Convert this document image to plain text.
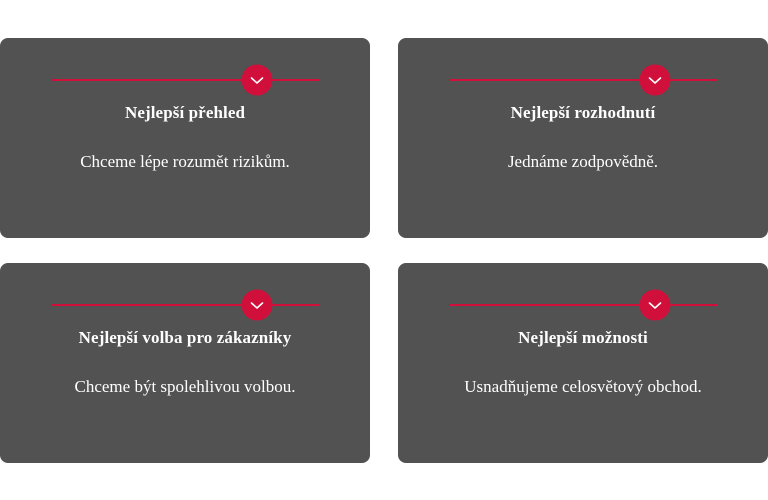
Nejlepší přehled
Chceme lépe rozumět rizikům.
Nejlepší rozhodnutí
Jednáme zodpovědně.
Nejlepší volba pro zákazníky
Chceme být spolehlivou volbou.
Nejlepší možnosti
Usnadňujeme celosvětový obchod.
